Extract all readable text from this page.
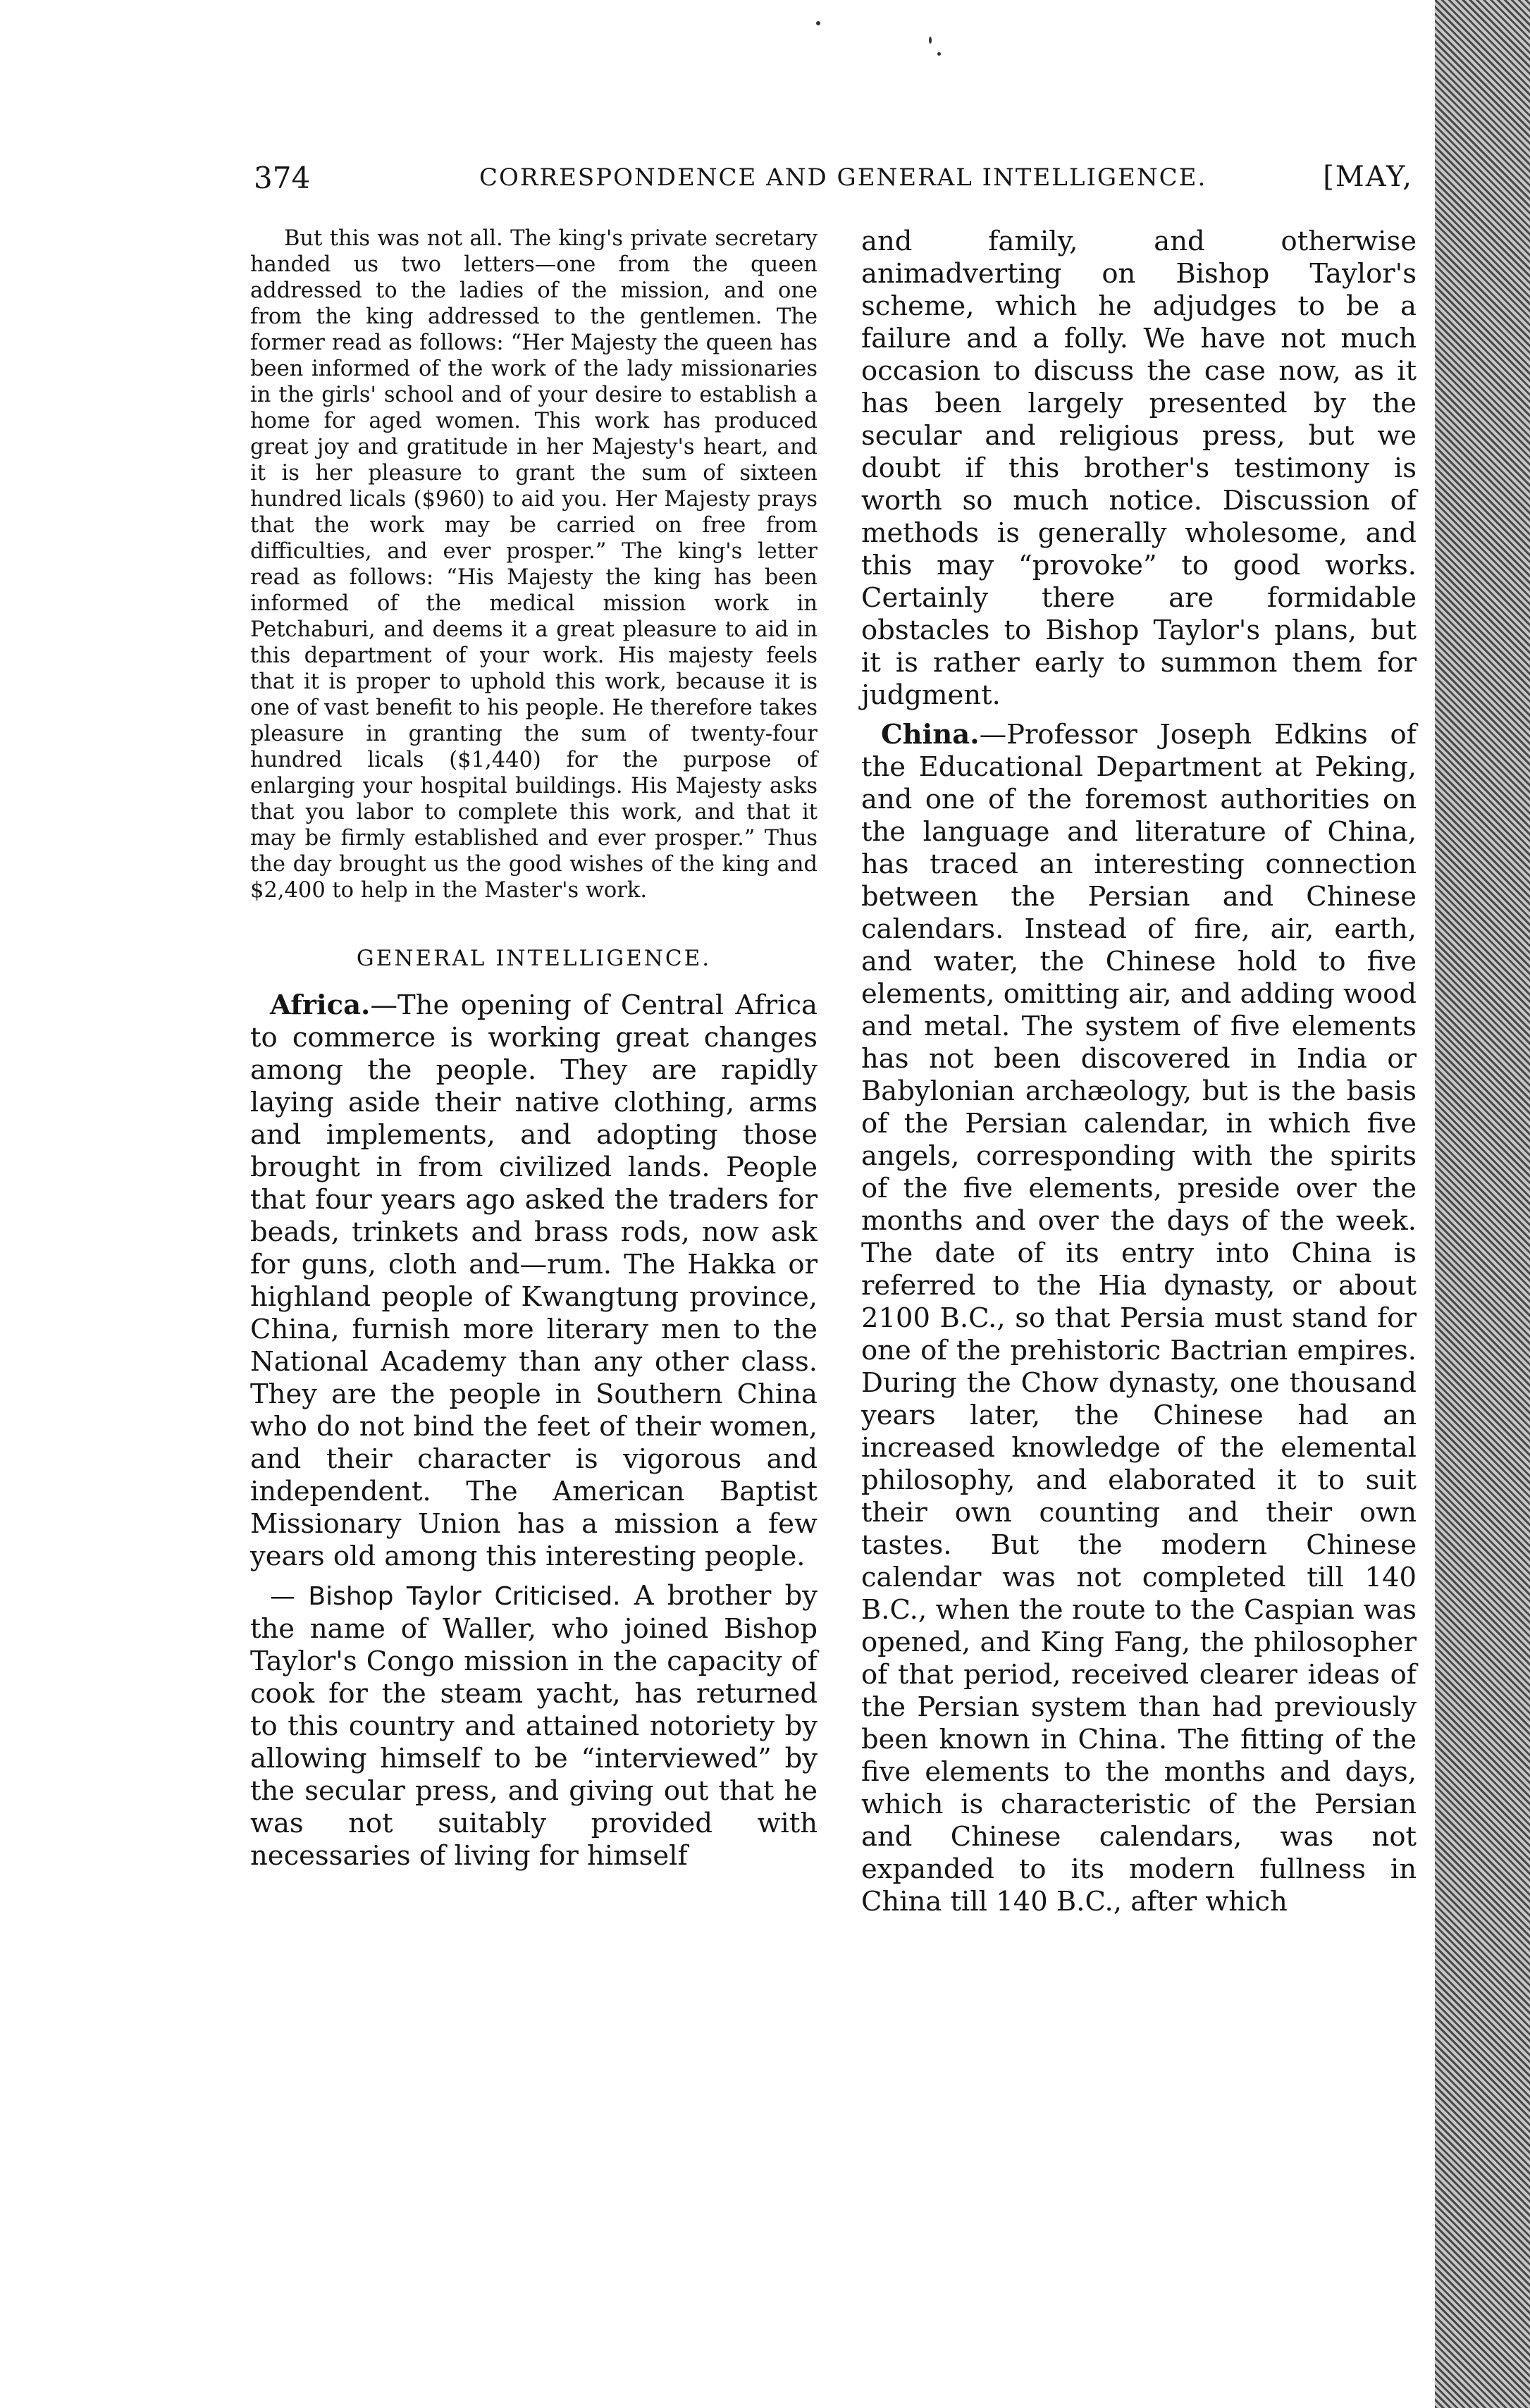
374	CORRESPONDENCE AND GENERAL INTELLIGENCE.	[MAY,

But this was not all. The king's private secretary handed us two letters—one from the queen addressed to the ladies of the mission, and one from the king addressed to the gentlemen. The former read as follows: “Her Majesty the queen has been informed of the work of the lady missionaries in the girls' school and of your desire to establish a home for aged women. This work has produced great joy and gratitude in her Majesty's heart, and it is her pleasure to grant the sum of sixteen hundred licals ($960) to aid you. Her Majesty prays that the work may be carried on free from difficulties, and ever prosper.” The king's letter read as follows: “His Majesty the king has been informed of the medical mission work in Petchaburi, and deems it a great pleasure to aid in this department of your work. His majesty feels that it is proper to uphold this work, because it is one of vast benefit to his people. He therefore takes pleasure in granting the sum of twenty-four hundred licals ($1,440) for the purpose of enlarging your hospital buildings. His Majesty asks that you labor to complete this work, and that it may be firmly established and ever prosper.” Thus the day brought us the good wishes of the king and $2,400 to help in the Master's work.

GENERAL INTELLIGENCE.

Africa.—The opening of Central Africa to commerce is working great changes among the people. They are rapidly laying aside their native clothing, arms and implements, and adopting those brought in from civilized lands. People that four years ago asked the traders for beads, trinkets and brass rods, now ask for guns, cloth and—rum. The Hakka or highland people of Kwangtung province, China, furnish more literary men to the National Academy than any other class. They are the people in Southern China who do not bind the feet of their women, and their character is vigorous and independent. The American Baptist Missionary Union has a mission a few years old among this interesting people.

— Bishop Taylor Criticised. A brother by the name of Waller, who joined Bishop Taylor's Congo mission in the capacity of cook for the steam yacht, has returned to this country and attained notoriety by allowing himself to be “interviewed” by the secular press, and giving out that he was not suitably provided with necessaries of living for himself

and family, and otherwise animadverting on Bishop Taylor's scheme, which he adjudges to be a failure and a folly. We have not much occasion to discuss the case now, as it has been largely presented by the secular and religious press, but we doubt if this brother's testimony is worth so much notice. Discussion of methods is generally wholesome, and this may “provoke” to good works. Certainly there are formidable obstacles to Bishop Taylor's plans, but it is rather early to summon them for judgment.

China.—Professor Joseph Edkins of the Educational Department at Peking, and one of the foremost authorities on the language and literature of China, has traced an interesting connection between the Persian and Chinese calendars. Instead of fire, air, earth, and water, the Chinese hold to five elements, omitting air, and adding wood and metal. The system of five elements has not been discovered in India or Babylonian archæology, but is the basis of the Persian calendar, in which five angels, corresponding with the spirits of the five elements, preside over the months and over the days of the week. The date of its entry into China is referred to the Hia dynasty, or about 2100 B.C., so that Persia must stand for one of the prehistoric Bactrian empires. During the Chow dynasty, one thousand years later, the Chinese had an increased knowledge of the elemental philosophy, and elaborated it to suit their own counting and their own tastes. But the modern Chinese calendar was not completed till 140 B.C., when the route to the Caspian was opened, and King Fang, the philosopher of that period, received clearer ideas of the Persian system than had previously been known in China. The fitting of the five elements to the months and days, which is characteristic of the Persian and Chinese calendars, was not expanded to its modern fullness in China till 140 B.C., after which
